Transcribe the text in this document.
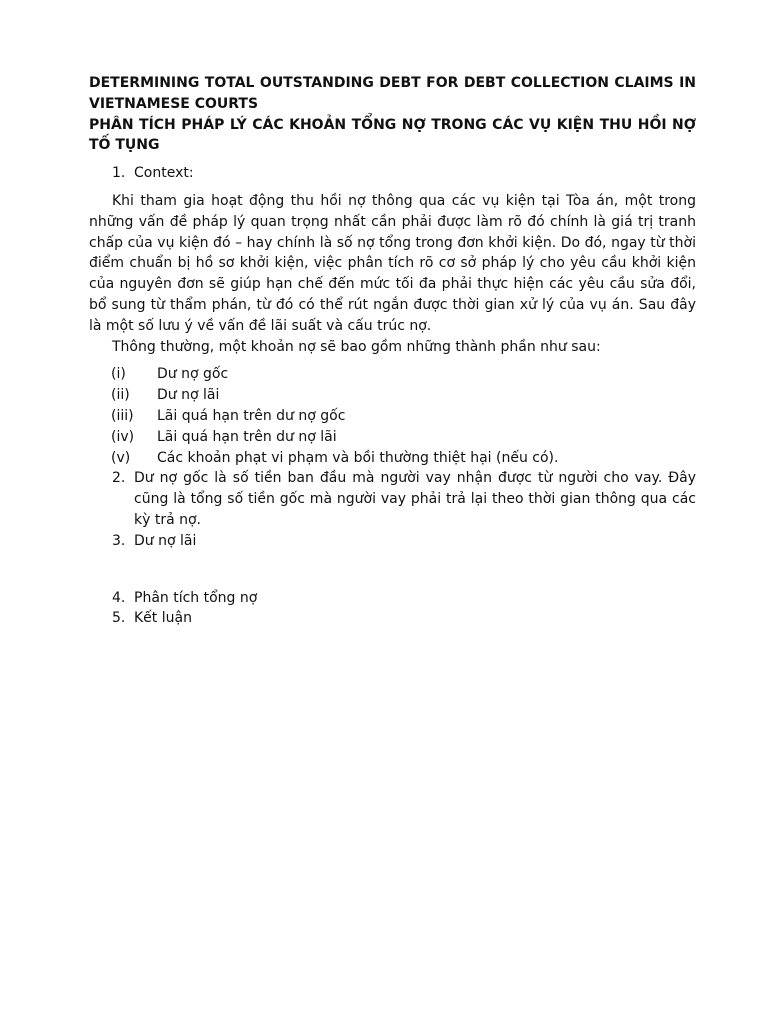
DETERMINING TOTAL OUTSTANDING DEBT FOR DEBT COLLECTION CLAIMS IN VIETNAMESE COURTS

PHÂN TÍCH PHÁP LÝ CÁC KHOẢN TỔNG NỢ TRONG CÁC VỤ KIỆN THU HỒI NỢ TỐ TỤNG

1. Context:

Khi tham gia hoạt động thu hồi nợ thông qua các vụ kiện tại Tòa án, một trong những vấn đề pháp lý quan trọng nhất cần phải được làm rõ đó chính là giá trị tranh chấp của vụ kiện đó – hay chính là số nợ tổng trong đơn khởi kiện. Do đó, ngay từ thời điểm chuẩn bị hồ sơ khởi kiện, việc phân tích rõ cơ sở pháp lý cho yêu cầu khởi kiện của nguyên đơn sẽ giúp hạn chế đến mức tối đa phải thực hiện các yêu cầu sửa đổi, bổ sung từ thẩm phán, từ đó có thể rút ngắn được thời gian xử lý của vụ án. Sau đây là một số lưu ý về vấn đề lãi suất và cấu trúc nợ.

Thông thường, một khoản nợ sẽ bao gồm những thành phần như sau:

(i) Dư nợ gốc
(ii) Dư nợ lãi
(iii) Lãi quá hạn trên dư nợ gốc
(iv) Lãi quá hạn trên dư nợ lãi
(v) Các khoản phạt vi phạm và bồi thường thiệt hại (nếu có).
2. Dư nợ gốc là số tiền ban đầu mà người vay nhận được từ người cho vay. Đây cũng là tổng số tiền gốc mà người vay phải trả lại theo thời gian thông qua các kỳ trả nợ.
3. Dư nợ lãi
4. Phân tích tổng nợ
5. Kết luận
